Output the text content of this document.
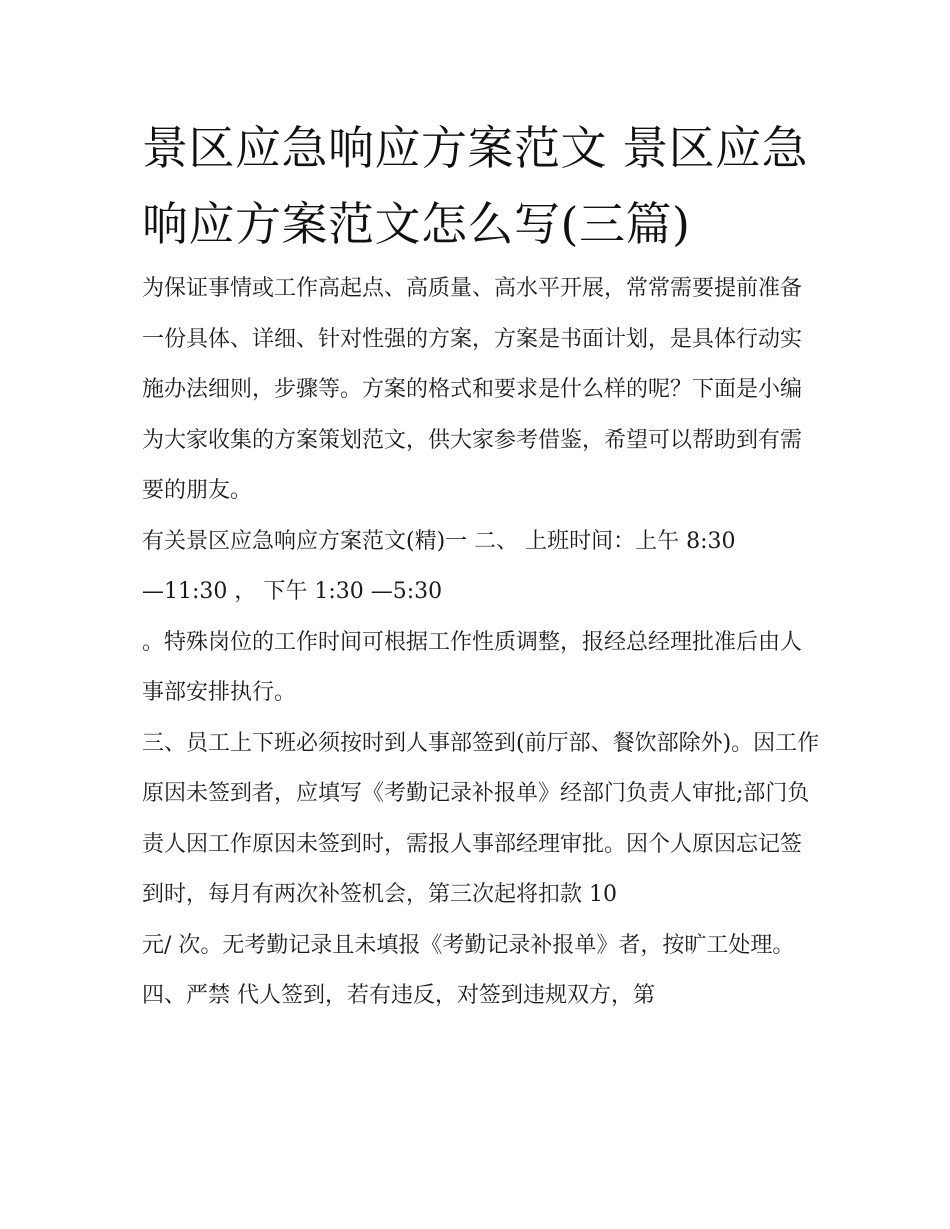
景区应急响应方案范文 景区应急响应方案范文怎么写(三篇)

为保证事情或工作高起点、高质量、高水平开展，常常需要提前准备一份具体、详细、针对性强的方案，方案是书面计划，是具体行动实施办法细则，步骤等。方案的格式和要求是什么样的呢？下面是小编为大家收集的方案策划范文，供大家参考借鉴，希望可以帮助到有需要的朋友。

有关景区应急响应方案范文(精)一 二、 上班时间：上午 8:30

—11:30 ， 下午 1:30 —5:30

。特殊岗位的工作时间可根据工作性质调整，报经总经理批准后由人事部安排执行。

三、员工上下班必须按时到人事部签到(前厅部、餐饮部除外)。因工作原因未签到者，应填写《考勤记录补报单》经部门负责人审批;部门负责人因工作原因未签到时，需报人事部经理审批。因个人原因忘记签到时，每月有两次补签机会，第三次起将扣款 10

元/ 次。无考勤记录且未填报《考勤记录补报单》者，按旷工处理。 四、严禁 代人签到，若有违反，对签到违规双方，第
